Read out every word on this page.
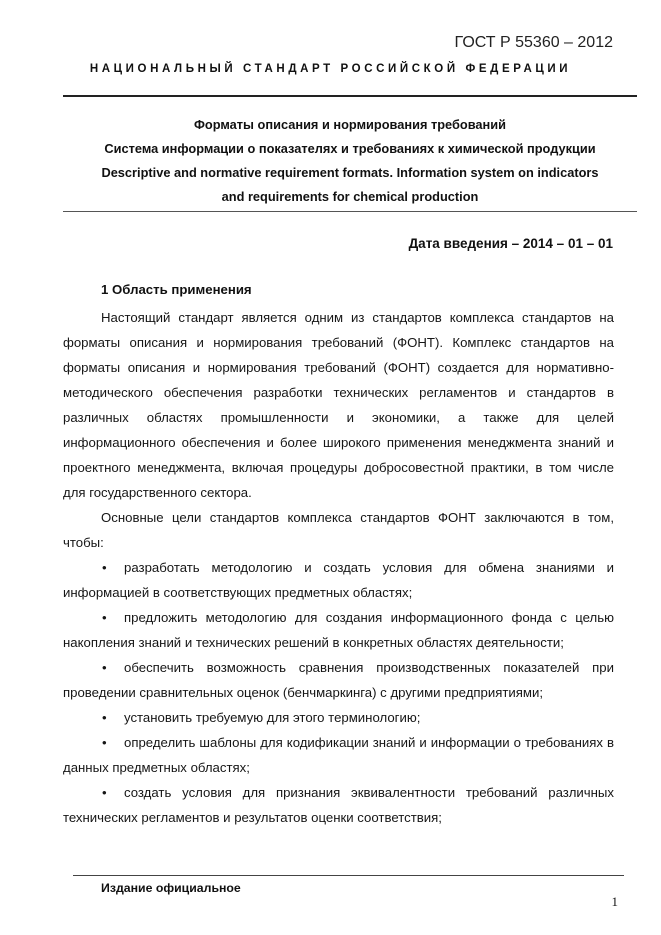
ГОСТ Р 55360 – 2012
НАЦИОНАЛЬНЫЙ СТАНДАРТ РОССИЙСКОЙ ФЕДЕРАЦИИ
Форматы описания и нормирования требований
Система информации о показателях и требованиях к химической продукции
Descriptive and normative requirement formats. Information system on indicators
and requirements for chemical production
Дата введения – 2014 – 01 – 01
1 Область применения

Настоящий стандарт является одним из стандартов комплекса стандартов на форматы описания и нормирования требований (ФОНТ). Комплекс стандартов на форматы описания и нормирования требований (ФОНТ) создается для нормативно-методического обеспечения разработки технических регламентов и стандартов в различных областях промышленности и экономики, а также для целей информационного обеспечения и более широкого применения менеджмента знаний и проектного менеджмента, включая процедуры добросовестной практики, в том числе для государственного сектора.

Основные цели стандартов комплекса стандартов ФОНТ заключаются в том, чтобы:

• разработать методологию и создать условия для обмена знаниями и информацией в соответствующих предметных областях;

• предложить методологию для создания информационного фонда с целью накопления знаний и технических решений в конкретных областях деятельности;

• обеспечить возможность сравнения производственных показателей при проведении сравнительных оценок (бенчмаркинга) с другими предприятиями;

• установить требуемую для этого терминологию;

• определить шаблоны для кодификации знаний и информации о требованиях в данных предметных областях;

• создать условия для признания эквивалентности требований различных технических регламентов и результатов оценки соответствия;

Издание официальное
1
